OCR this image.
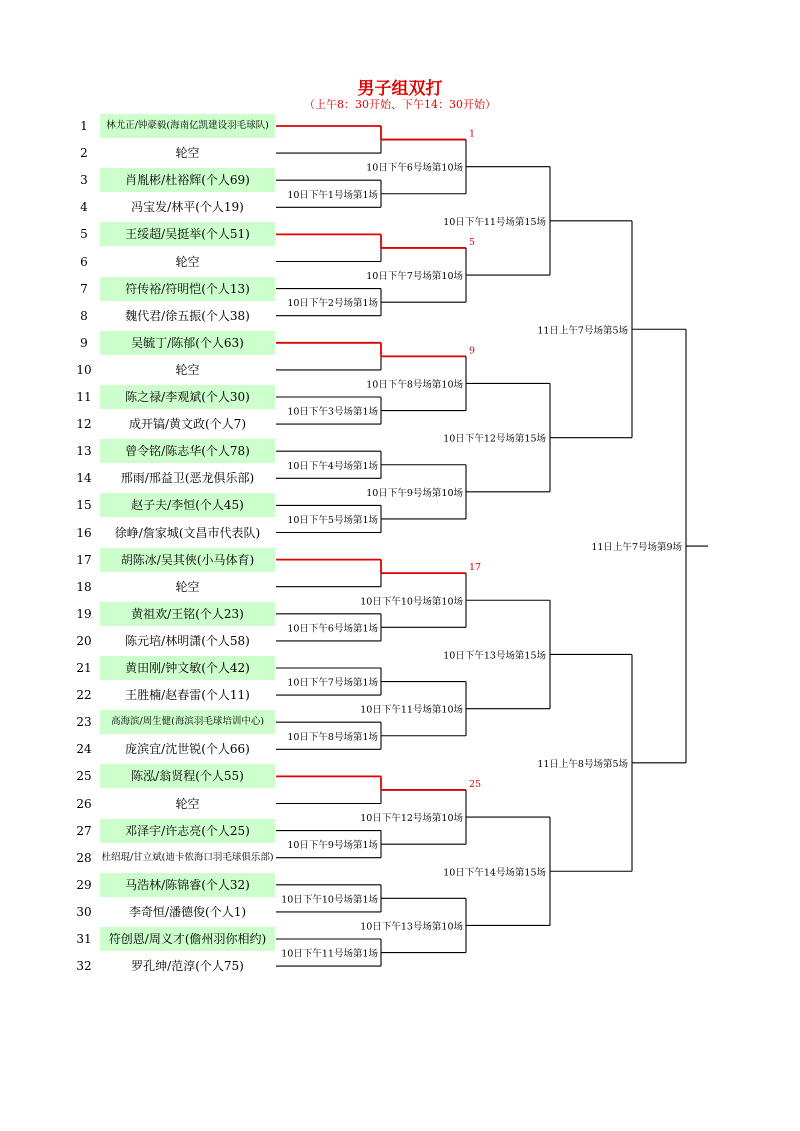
男子组双打
（上午8：30开始、下午14：30开始）
1	林尤正/钟豪毅(海南亿凯建设羽毛球队)
2	轮空
3	肖胤彬/杜裕辉(个人69)
4	冯宝发/林平(个人19)
5	王绥超/吴挺举(个人51)
6	轮空
7	符传裕/符明恺(个人13)
8	魏代君/徐五振(个人38)
9	吴毓丁/陈郁(个人63)
10	轮空
11	陈之禄/李观斌(个人30)
12	成开镐/黄文政(个人7)
13	曾令铭/陈志华(个人78)
14	邢雨/邢益卫(恶龙俱乐部)
15	赵子夫/李恒(个人45)
16	徐峥/詹家城(文昌市代表队)
17	胡陈冰/吴其俠(小马体育)
18	轮空
19	黄祖欢/王铭(个人23)
20	陈元培/林明潇(个人58)
21	黄田刚/钟文敏(个人42)
22	王胜楠/赵春雷(个人11)
23	高海滨/周生健(海滨羽毛球培训中心)
24	庞滨宜/沈世锐(个人66)
25	陈泓/翁贤程(个人55)
26	轮空
27	邓泽宇/许志亮(个人25)
28	杜绍琨/甘立斌(迪卡侬海口羽毛球俱乐部)
29	马浩林/陈锦睿(个人32)
30	李奇恒/潘德俊(个人1)
31	符创恩/周义才(儋州羽你相约)
32	罗孔绅/范淳(个人75)
10日下午1号场第1场
10日下午2号场第1场
10日下午3号场第1场
10日下午4号场第1场
10日下午5号场第1场
10日下午6号场第1场
10日下午7号场第1场
10日下午8号场第1场
10日下午9号场第1场
10日下午10号场第1场
10日下午11号场第1场
1
10日下午6号场第10场
5
10日下午7号场第10场
9
10日下午8号场第10场
10日下午9号场第10场
17
10日下午10号场第10场
10日下午11号场第10场
25
10日下午12号场第10场
10日下午13号场第10场
10日下午11号场第15场
10日下午12号场第15场
10日下午13号场第15场
10日下午14号场第15场
11日上午7号场第5场
11日上午8号场第5场
11日上午7号场第9场
